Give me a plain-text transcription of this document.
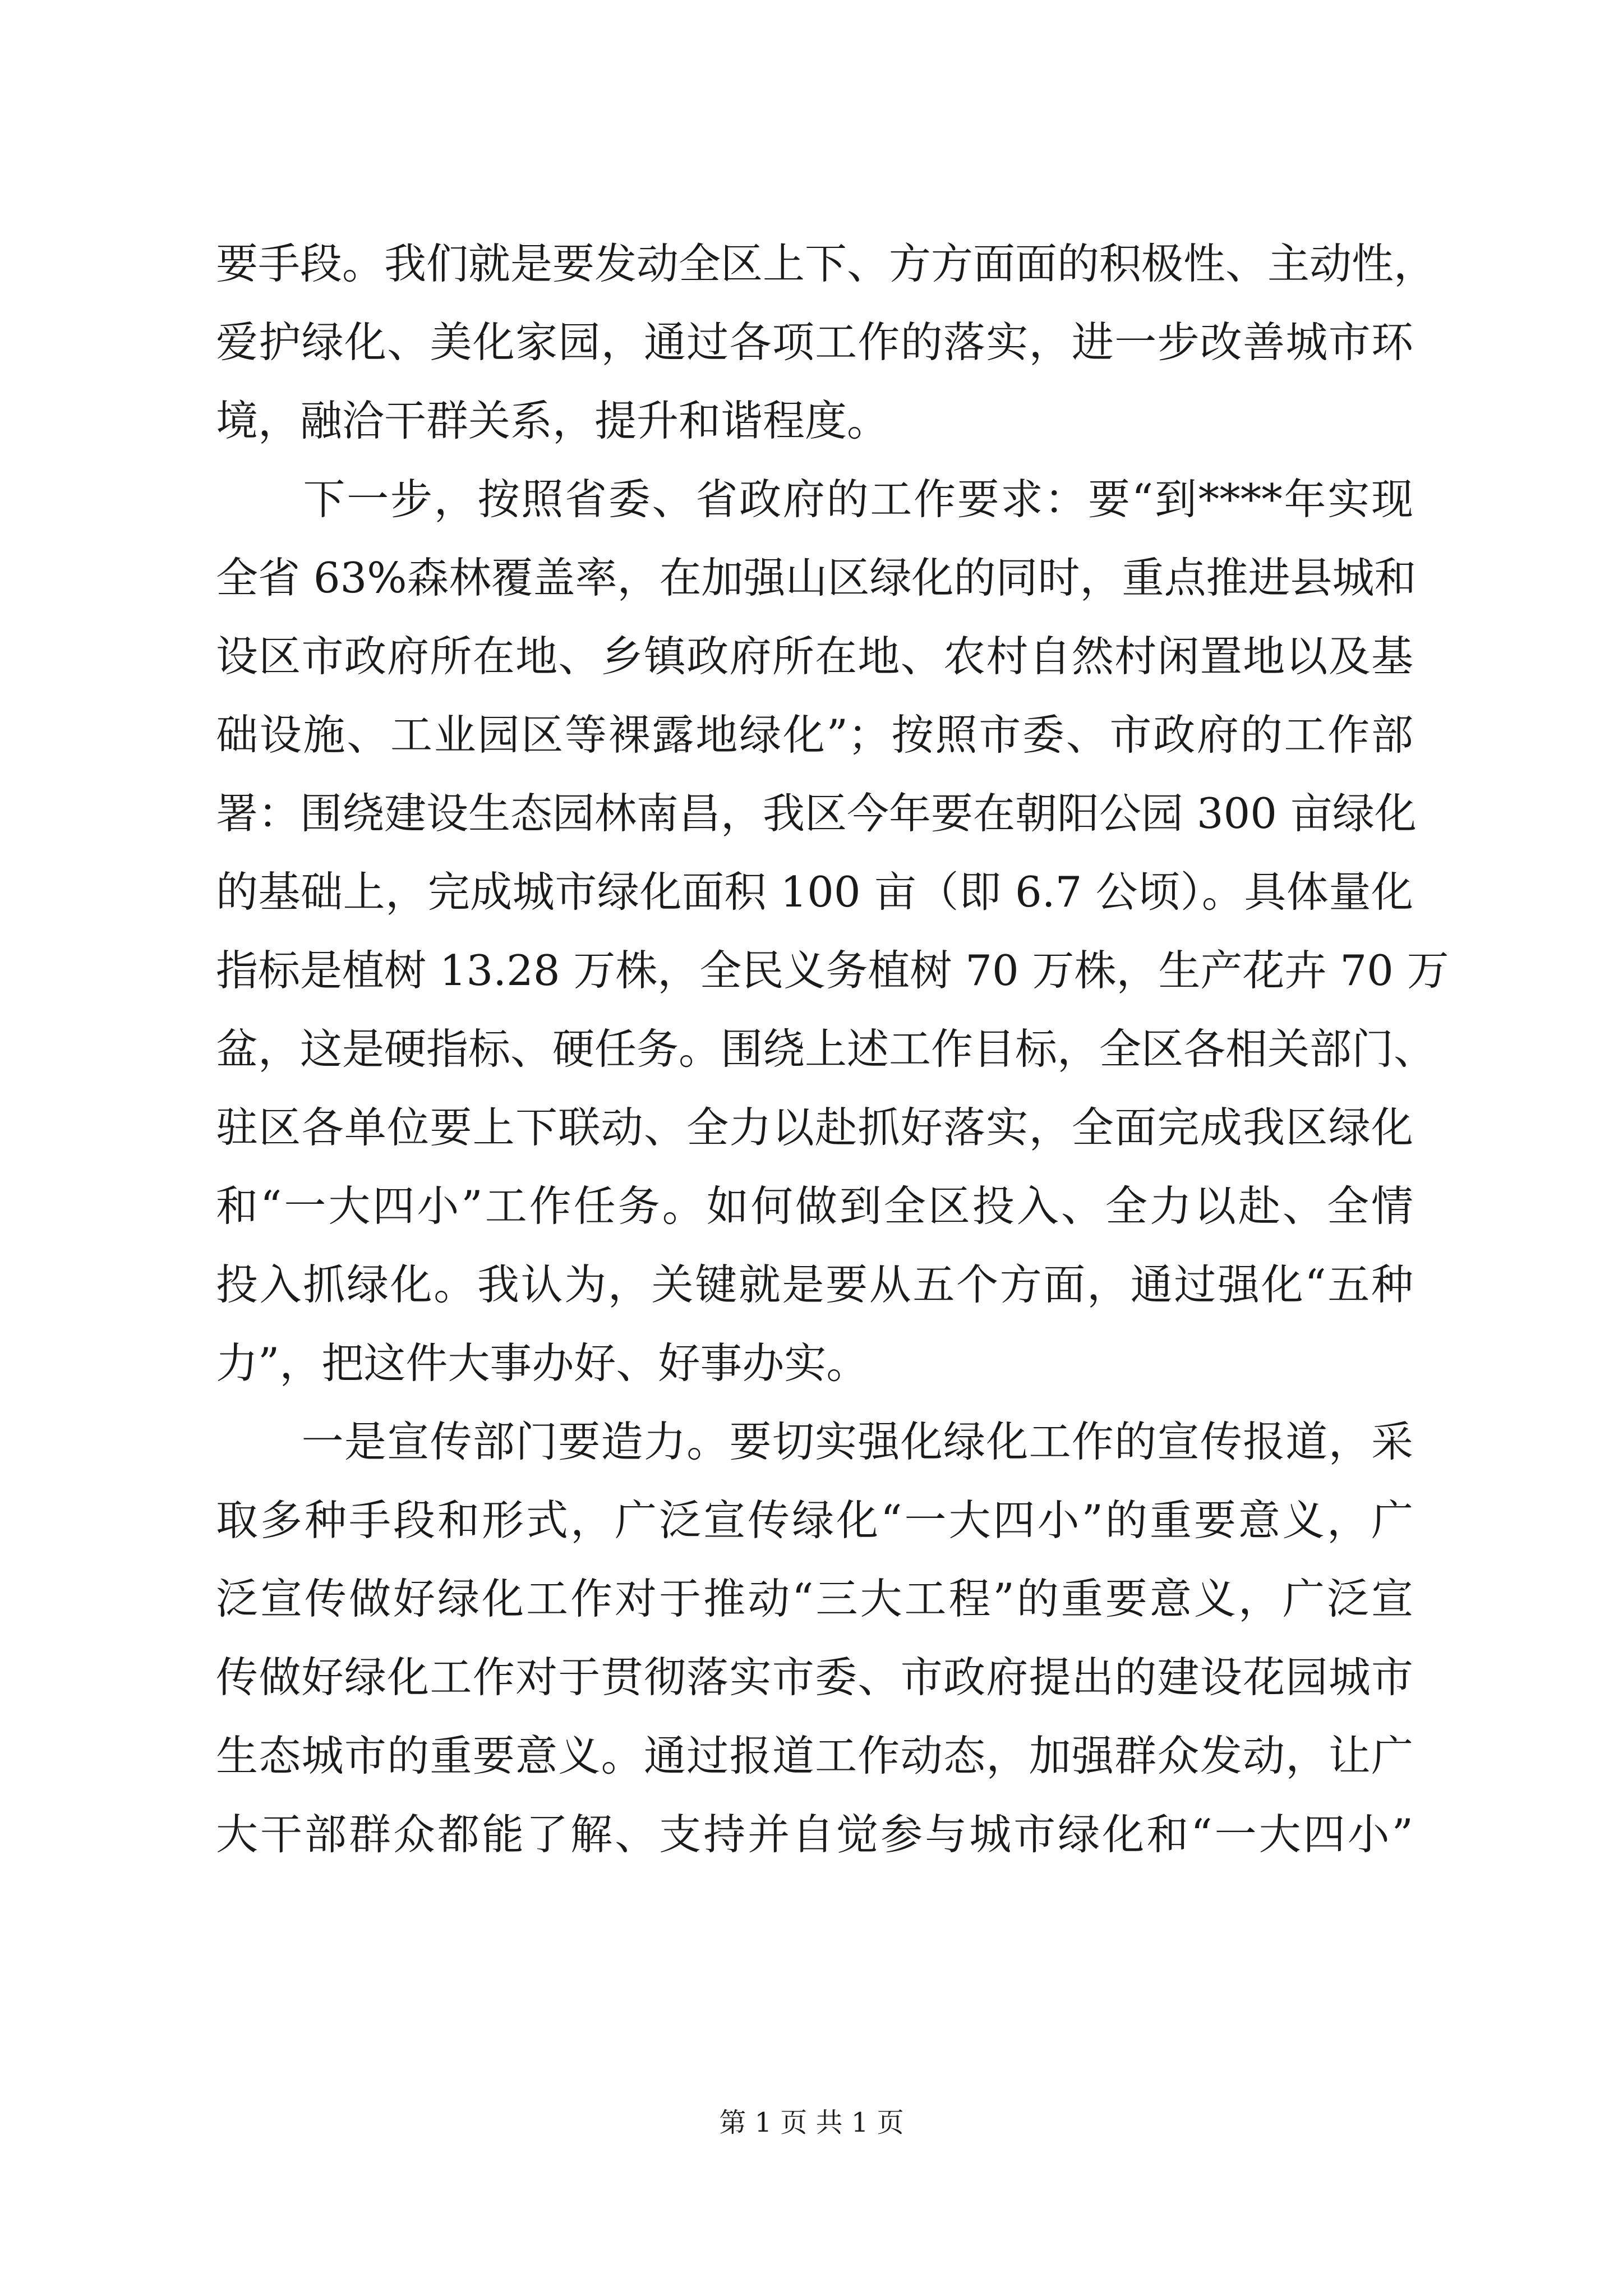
要手段。我们就是要发动全区上下、方方面面的积极性、主动性，
爱护绿化、美化家园，通过各项工作的落实，进一步改善城市环
境，融洽干群关系，提升和谐程度。
　　下一步，按照省委、省政府的工作要求：要“到****年实现
全省 63%森林覆盖率，在加强山区绿化的同时，重点推进县城和
设区市政府所在地、乡镇政府所在地、农村自然村闲置地以及基
础设施、工业园区等裸露地绿化”；按照市委、市政府的工作部
署：围绕建设生态园林南昌，我区今年要在朝阳公园 300 亩绿化
的基础上，完成城市绿化面积 100 亩（即 6.7 公顷）。具体量化
指标是植树 13.28 万株，全民义务植树 70 万株，生产花卉 70 万
盆，这是硬指标、硬任务。围绕上述工作目标，全区各相关部门、
驻区各单位要上下联动、全力以赴抓好落实，全面完成我区绿化
和“一大四小”工作任务。如何做到全区投入、全力以赴、全情
投入抓绿化。我认为，关键就是要从五个方面，通过强化“五种
力”，把这件大事办好、好事办实。
　　一是宣传部门要造力。要切实强化绿化工作的宣传报道，采
取多种手段和形式，广泛宣传绿化“一大四小”的重要意义，广
泛宣传做好绿化工作对于推动“三大工程”的重要意义，广泛宣
传做好绿化工作对于贯彻落实市委、市政府提出的建设花园城市
生态城市的重要意义。通过报道工作动态，加强群众发动，让广
大干部群众都能了解、支持并自觉参与城市绿化和“一大四小”
第 1 页 共 1 页
